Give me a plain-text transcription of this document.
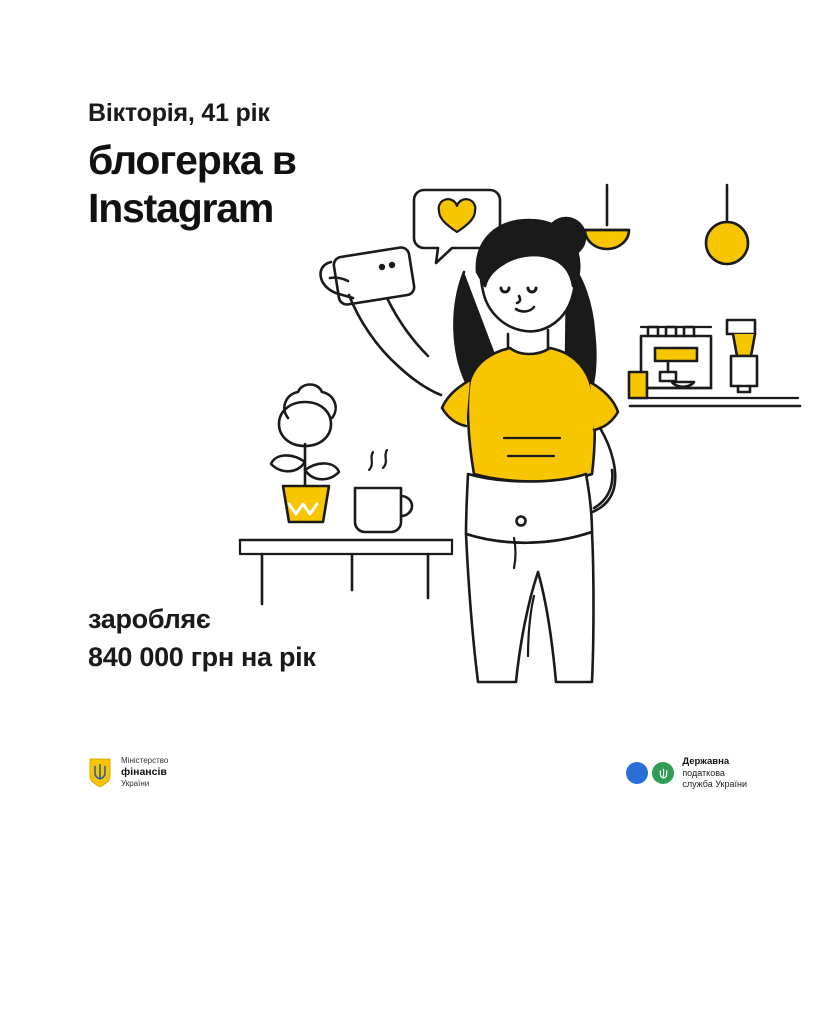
Вікторія, 41 рік

блогерка в
Instagram

заробляє

840 000 грн на рік

Міністерство
фінансів
України
Державна
податкова
служба України
